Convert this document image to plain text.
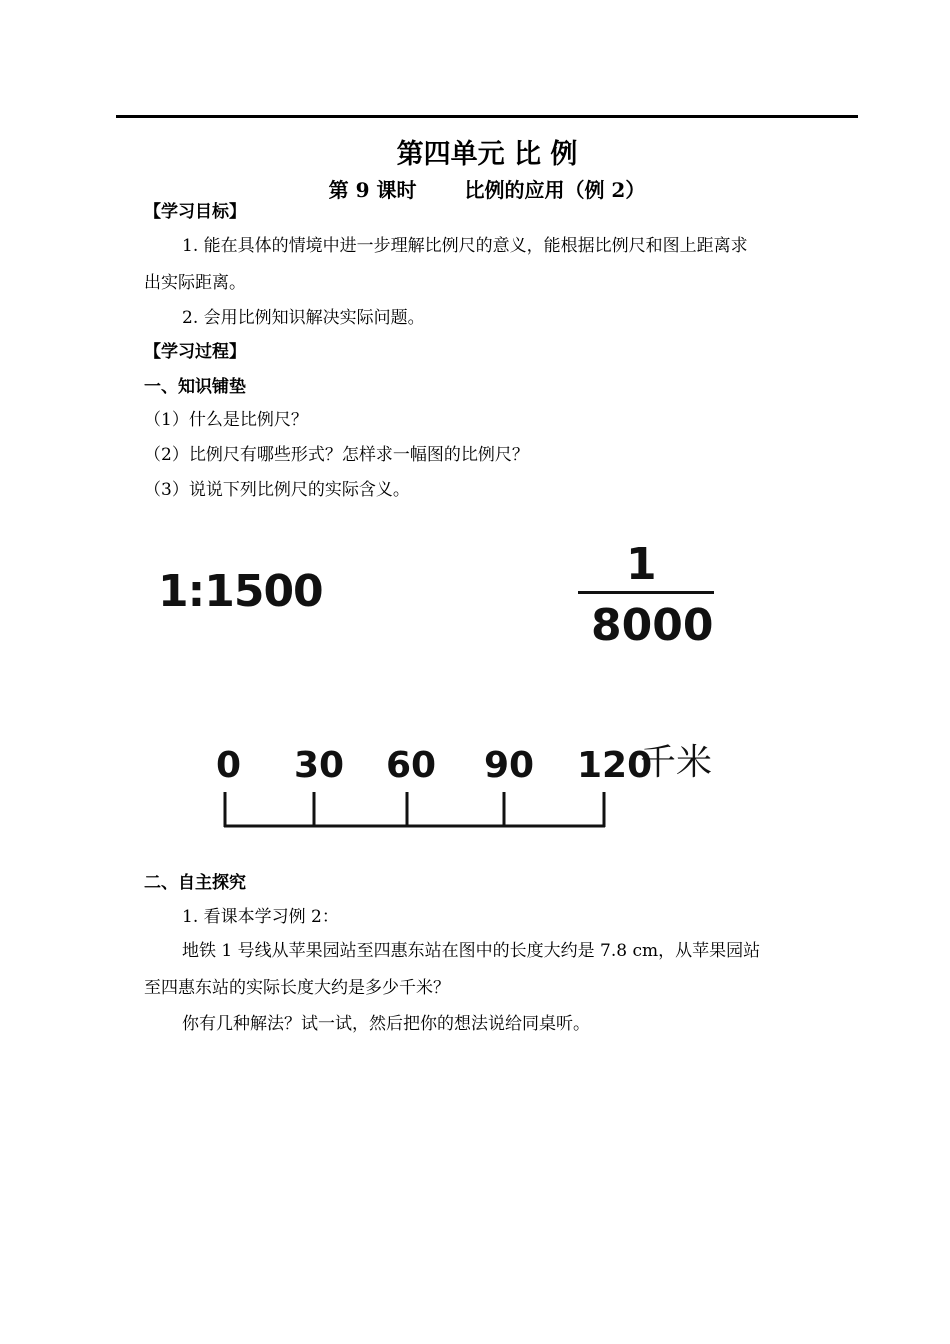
第四单元 比 例
第 9 课时 比例的应用（例 2）

【学习目标】

1. 能在具体的情境中进一步理解比例尺的意义，能根据比例尺和图上距离求

出实际距离。

2. 会用比例知识解决实际问题。

【学习过程】

一、知识铺垫

（1）什么是比例尺？

（2）比例尺有哪些形式？怎样求一幅图的比例尺？

（3）说说下列比例尺的实际含义。

1:1500
1
8000
0 30 60 90 120
千米

二、自主探究

1. 看课本学习例 2：

地铁 1 号线从苹果园站至四惠东站在图中的长度大约是 7.8 cm，从苹果园站

至四惠东站的实际长度大约是多少千米？

你有几种解法？试一试，然后把你的想法说给同桌听。
